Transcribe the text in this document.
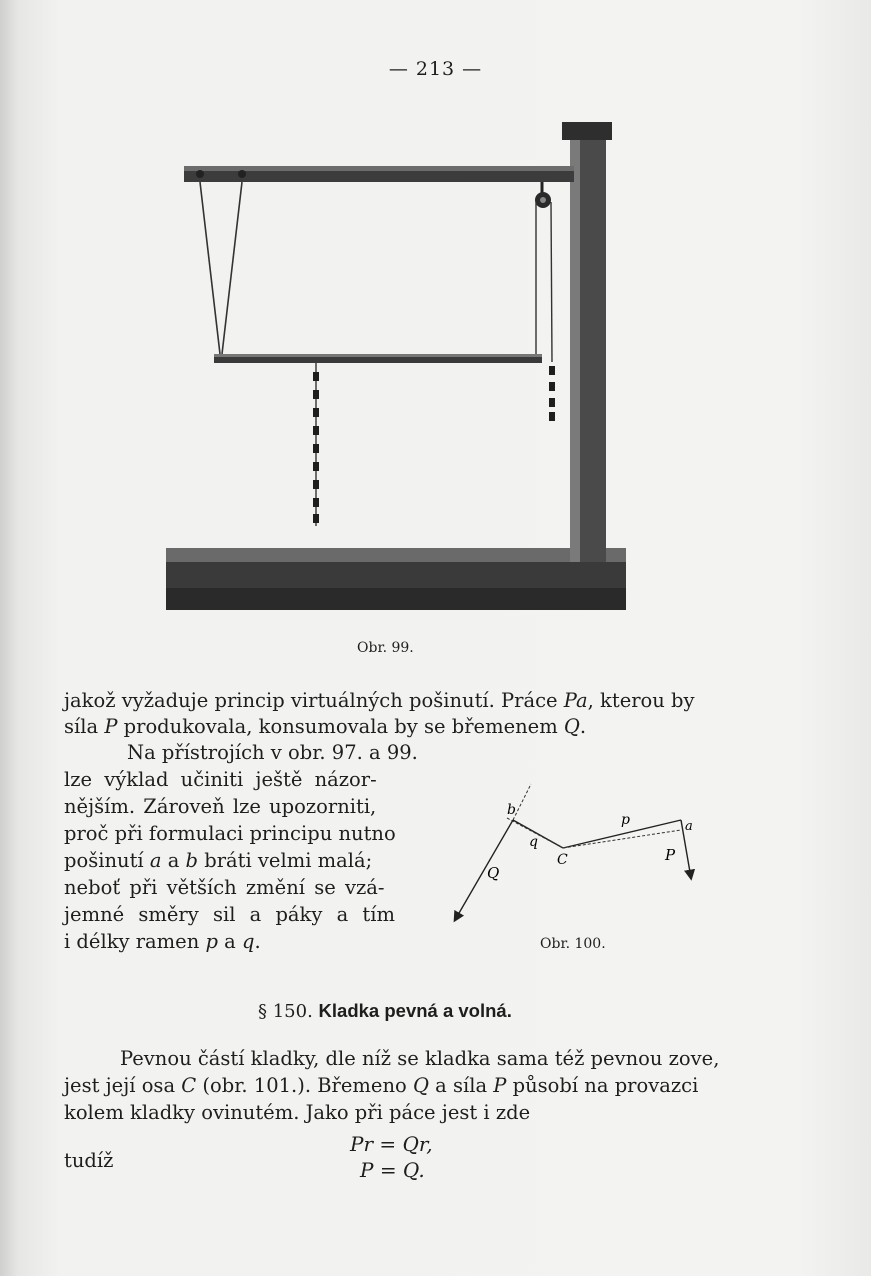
— 213 —
Obr. 99.
jakož vyžaduje princip virtuálných pošinutí. Práce Pa, kterou by
síla P produkovala, konsumovala by se břemenem Q.
Na přístrojích v obr. 97. a 99.
lze výklad učiniti ještě názor-
nějším. Zároveň lze upozorniti,
proč při formulaci principu nutno
pošinutí a a b bráti velmi malá;
neboť při větších změní se vzá-
jemné směry sil a páky a tím
i délky ramen p a q.
b
q
Q
C
p	a
P
Obr. 100.
§ 150. Kladka pevná a volná.
Pevnou částí kladky, dle níž se kladka sama též pevnou zove,
jest její osa C (obr. 101.). Břemeno Q a síla P působí na provazci
kolem kladky ovinutém. Jako při páce jest i zde
Pr = Qr,
tudíž	P = Q.
